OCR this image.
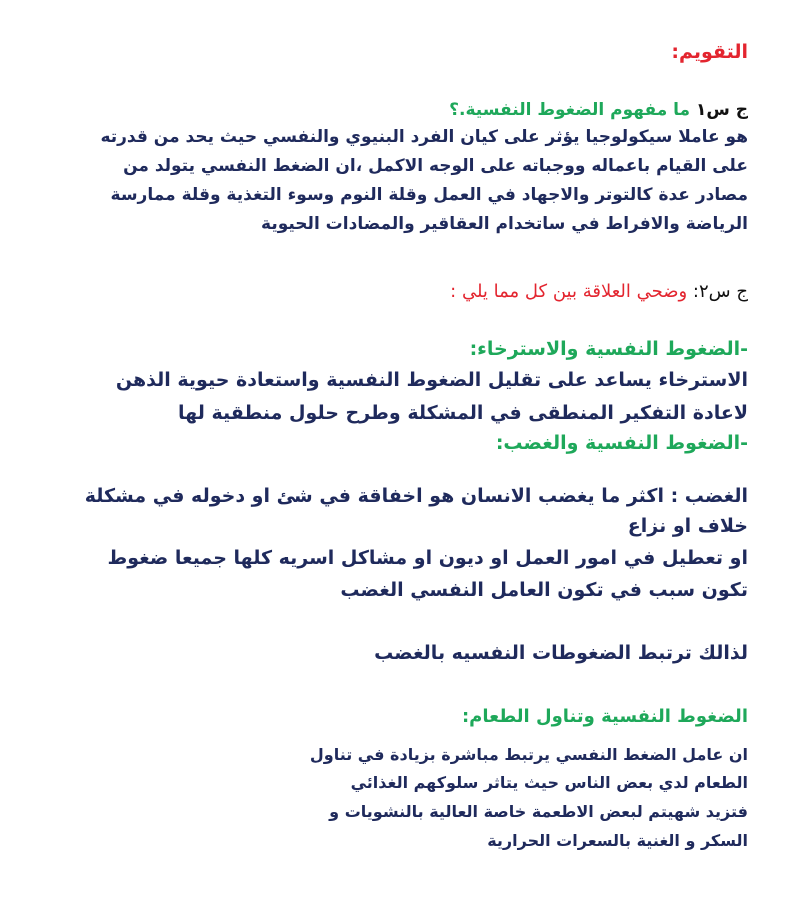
التقويم:

ج س١ ما مفهوم الضغوط النفسية.؟

هو عاملا سيكولوجيا يؤثر على كيان الفرد البنيوي والنفسي حيث يحد من قدرته

على القيام باعماله ووجباته على الوجه الاكمل ،ان الضغط النفسي يتولد من

مصادر عدة كالتوتر والاجهاد في العمل وقلة النوم وسوء التغذية وقلة ممارسة

الرياضة والافراط في ساتخدام العقاقير والمضادات الحيوية

ج س٢: وضحي العلاقة بين كل مما يلي :

-الضغوط النفسية والاسترخاء:

الاسترخاء يساعد على تقليل الضغوط النفسية واستعادة حيوية الذهن

لاعادة التفكير المنطقى في المشكلة وطرح حلول منطقية لها

-الضغوط النفسية والغضب:

الغضب : اكثر ما يغضب الانسان هو اخفاقة في شئ او دخوله في مشكلة

خلاف او نزاع

او تعطيل في امور العمل او ديون او مشاكل اسريه كلها جميعا ضغوط

تكون سبب في تكون العامل النفسي الغضب

لذالك ترتبط الضغوطات النفسيه بالغضب

الضغوط النفسية وتناول الطعام:

ان عامل الضغط النفسي يرتبط مباشرة بزيادة في تناول

الطعام لدي بعض الناس حيث يتاثر سلوكهم الغذائي

فتزيد شهيتم لبعض الاطعمة خاصة العالية بالنشويات و

السكر و الغنية بالسعرات الحرارية
